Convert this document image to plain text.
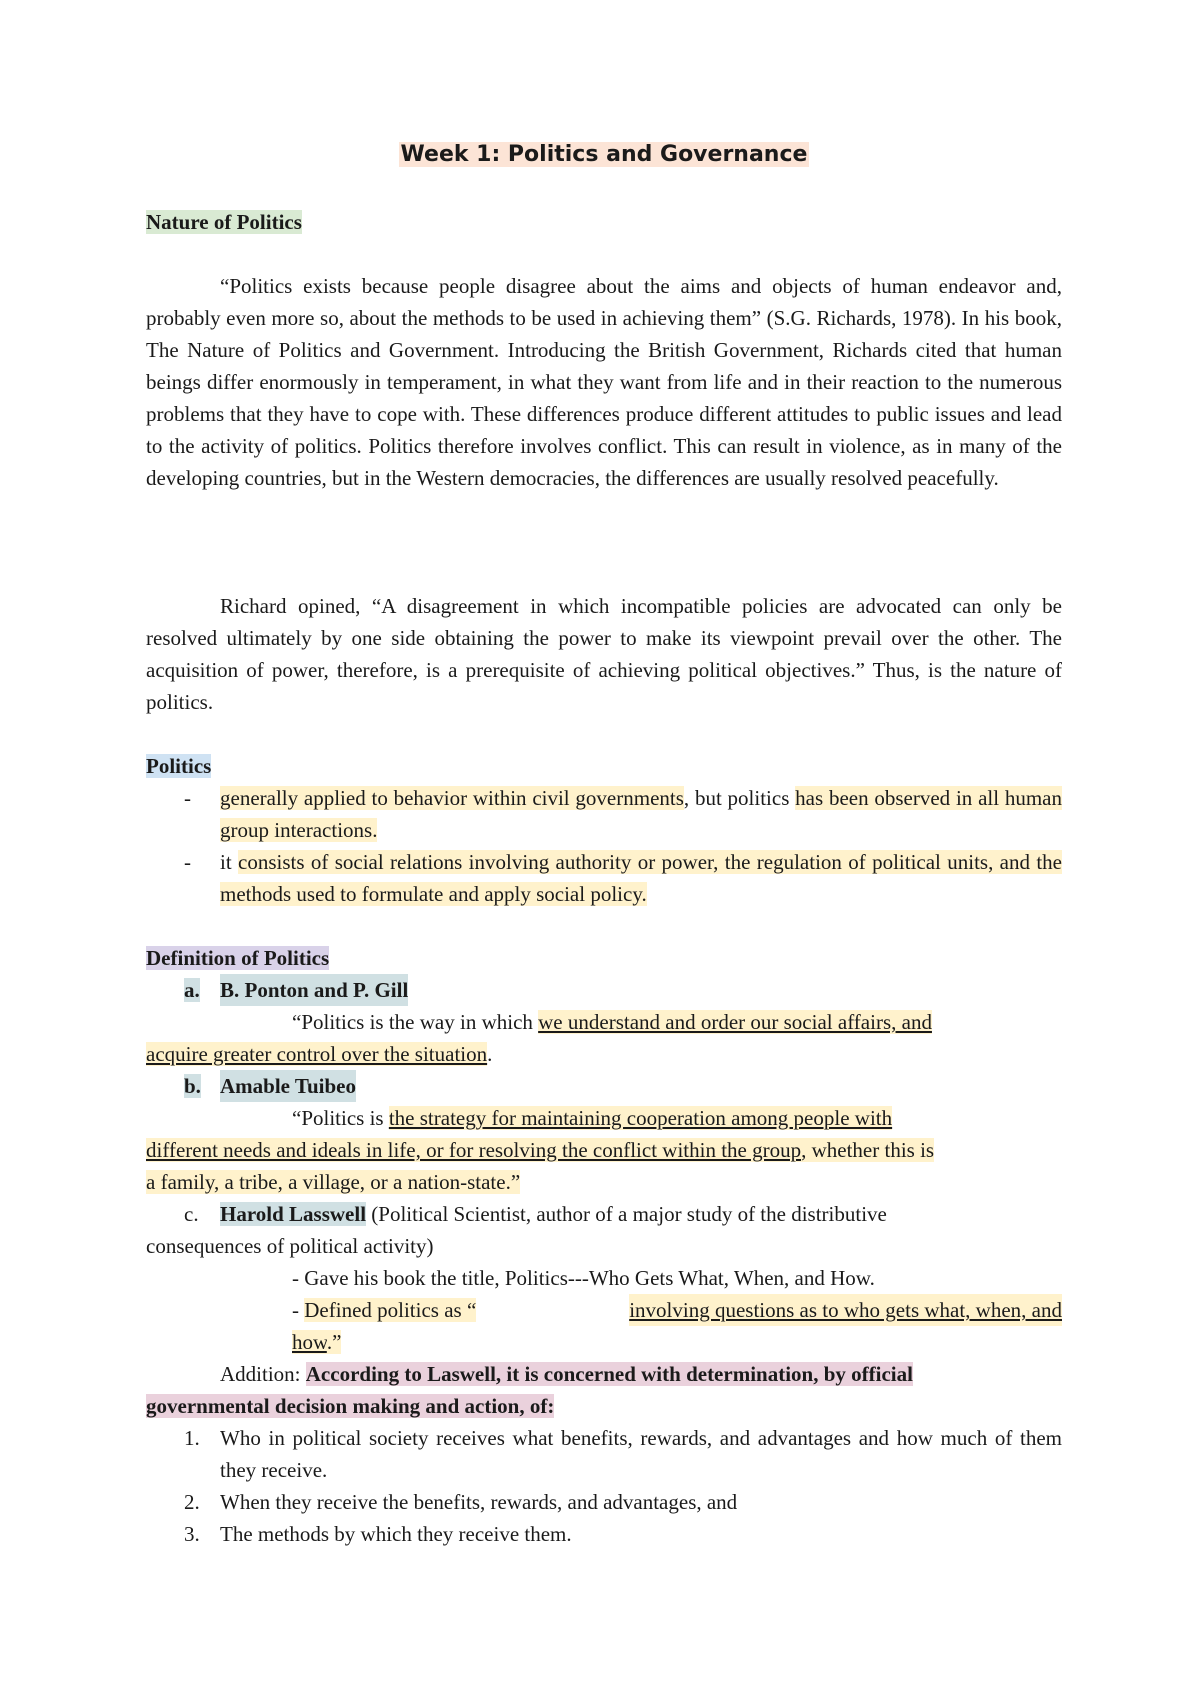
Week 1: Politics and Governance
Nature of Politics
“Politics exists because people disagree about the aims and objects of human endeavor and, probably even more so, about the methods to be used in achieving them” (S.G. Richards, 1978). In his book, The Nature of Politics and Government. Introducing the British Government, Richards cited that human beings differ enormously in temperament, in what they want from life and in their reaction to the numerous problems that they have to cope with. These differences produce different attitudes to public issues and lead to the activity of politics. Politics therefore involves conflict. This can result in violence, as in many of the developing countries, but in the Western democracies, the differences are usually resolved peacefully.
Richard opined, “A disagreement in which incompatible policies are advocated can only be resolved ultimately by one side obtaining the power to make its viewpoint prevail over the other. The acquisition of power, therefore, is a prerequisite of achieving political objectives.” Thus, is the nature of politics.
Politics
- generally applied to behavior within civil governments, but politics has been observed in all human group interactions.
- it consists of social relations involving authority or power, the regulation of political units, and the methods used to formulate and apply social policy.
Definition of Politics
a. B. Ponton and P. Gill
“Politics is the way in which we understand and order our social affairs, and
acquire greater control over the situation.
b. Amable Tuibeo
“Politics is the strategy for maintaining cooperation among people with
different needs and ideals in life, or for resolving the conflict within the group, whether this is
a family, a tribe, a village, or a nation-state.”
c. Harold Lasswell (Political Scientist, author of a major study of the distributive
consequences of political activity)
- Gave his book the title, Politics---Who Gets What, When, and How.
- Defined politics as “	involving questions as to who gets what, when, and
how.”
Addition: According to Laswell, it is concerned with determination, by official
governmental decision making and action, of:
1. Who in political society receives what benefits, rewards, and advantages and how much of them they receive.
2. When they receive the benefits, rewards, and advantages, and
3. The methods by which they receive them.
